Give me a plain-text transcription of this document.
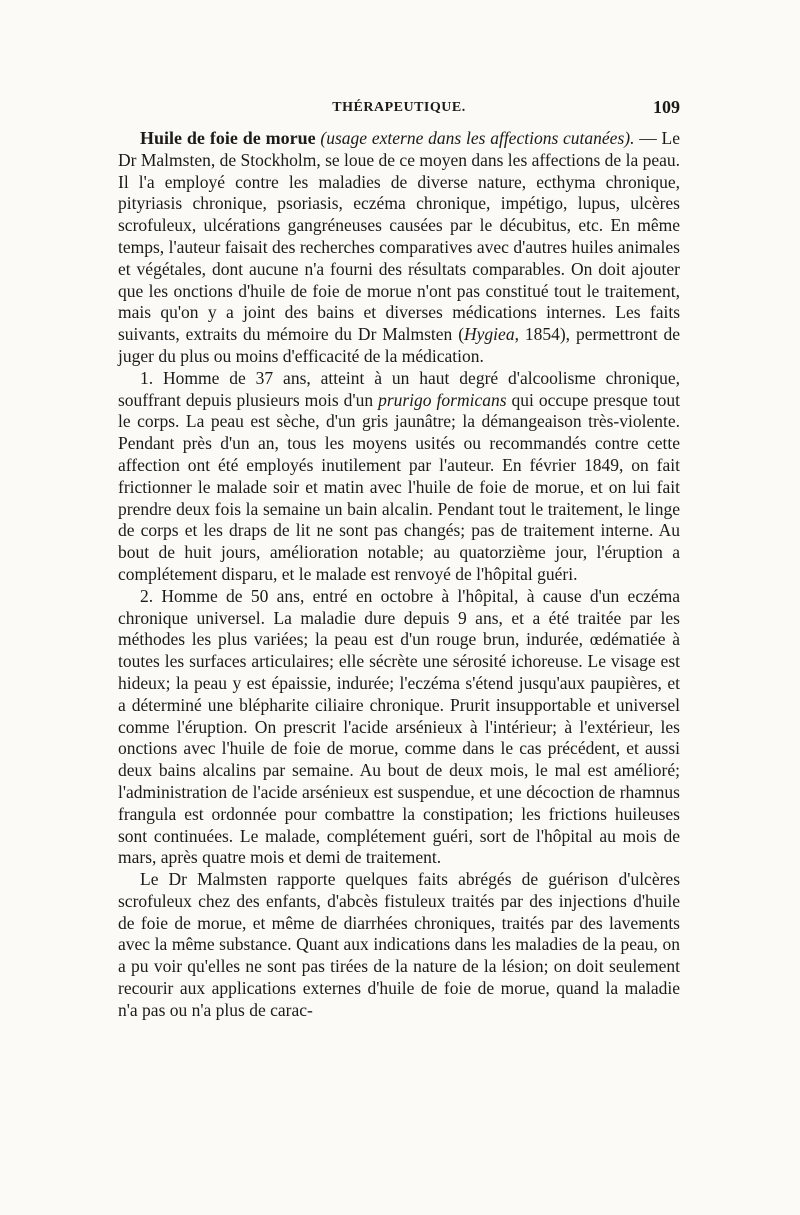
THÉRAPEUTIQUE.	109

Huile de foie de morue (usage externe dans les affections cutanées). — Le Dr Malmsten, de Stockholm, se loue de ce moyen dans les affections de la peau. Il l'a employé contre les maladies de diverse nature, ecthyma chronique, pityriasis chronique, psoriasis, eczéma chronique, impétigo, lupus, ulcères scrofuleux, ulcérations gangréneuses causées par le décubitus, etc. En même temps, l'auteur faisait des recherches comparatives avec d'autres huiles animales et végétales, dont aucune n'a fourni des résultats comparables. On doit ajouter que les onctions d'huile de foie de morue n'ont pas constitué tout le traitement, mais qu'on y a joint des bains et diverses médications internes. Les faits suivants, extraits du mémoire du Dr Malmsten (Hygiea, 1854), permettront de juger du plus ou moins d'efficacité de la médication.

1. Homme de 37 ans, atteint à un haut degré d'alcoolisme chronique, souffrant depuis plusieurs mois d'un prurigo formicans qui occupe presque tout le corps. La peau est sèche, d'un gris jaunâtre; la démangeaison très-violente. Pendant près d'un an, tous les moyens usités ou recommandés contre cette affection ont été employés inutilement par l'auteur. En février 1849, on fait frictionner le malade soir et matin avec l'huile de foie de morue, et on lui fait prendre deux fois la semaine un bain alcalin. Pendant tout le traitement, le linge de corps et les draps de lit ne sont pas changés; pas de traitement interne. Au bout de huit jours, amélioration notable; au quatorzième jour, l'éruption a complétement disparu, et le malade est renvoyé de l'hôpital guéri.

2. Homme de 50 ans, entré en octobre à l'hôpital, à cause d'un eczéma chronique universel. La maladie dure depuis 9 ans, et a été traitée par les méthodes les plus variées; la peau est d'un rouge brun, indurée, œdématiée à toutes les surfaces articulaires; elle sécrète une sérosité ichoreuse. Le visage est hideux; la peau y est épaissie, indurée; l'eczéma s'étend jusqu'aux paupières, et a déterminé une blépharite ciliaire chronique. Prurit insupportable et universel comme l'éruption. On prescrit l'acide arsénieux à l'intérieur; à l'extérieur, les onctions avec l'huile de foie de morue, comme dans le cas précédent, et aussi deux bains alcalins par semaine. Au bout de deux mois, le mal est amélioré; l'administration de l'acide arsénieux est suspendue, et une décoction de rhamnus frangula est ordonnée pour combattre la constipation; les frictions huileuses sont continuées. Le malade, complétement guéri, sort de l'hôpital au mois de mars, après quatre mois et demi de traitement.

Le Dr Malmsten rapporte quelques faits abrégés de guérison d'ulcères scrofuleux chez des enfants, d'abcès fistuleux traités par des injections d'huile de foie de morue, et même de diarrhées chroniques, traités par des lavements avec la même substance. Quant aux indications dans les maladies de la peau, on a pu voir qu'elles ne sont pas tirées de la nature de la lésion; on doit seulement recourir aux applications externes d'huile de foie de morue, quand la maladie n'a pas ou n'a plus de carac-
